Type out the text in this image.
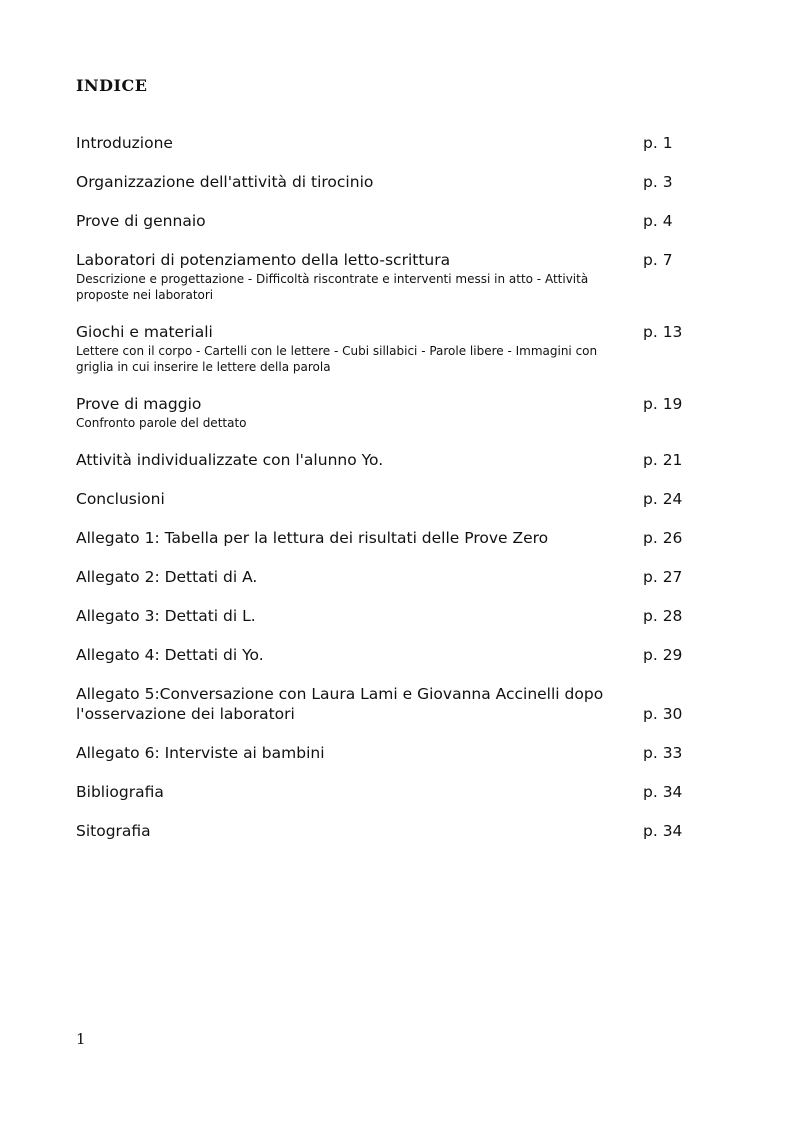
INDICE
Introduzione	p. 1
Organizzazione dell'attività di tirocinio	p. 3
Prove di gennaio	p. 4
Laboratori di potenziamento della letto-scrittura	p. 7
Descrizione e progettazione - Difficoltà riscontrate e interventi messi in atto - Attività proposte nei laboratori
Giochi e materiali	p. 13
Lettere con il corpo - Cartelli con le lettere - Cubi sillabici - Parole libere - Immagini con griglia in cui inserire le lettere della parola
Prove di maggio	p. 19
Confronto parole del dettato
Attività individualizzate con l'alunno Yo.	p. 21
Conclusioni	p. 24
Allegato 1: Tabella per la lettura dei risultati delle Prove Zero	p. 26
Allegato 2: Dettati di A.	p. 27
Allegato 3: Dettati di L.	p. 28
Allegato 4: Dettati di Yo.	p. 29
Allegato 5:Conversazione con Laura Lami e Giovanna Accinelli dopo l'osservazione dei laboratori	p. 30
Allegato 6: Interviste ai bambini	p. 33
Bibliografia	p. 34
Sitografia	p. 34
1
